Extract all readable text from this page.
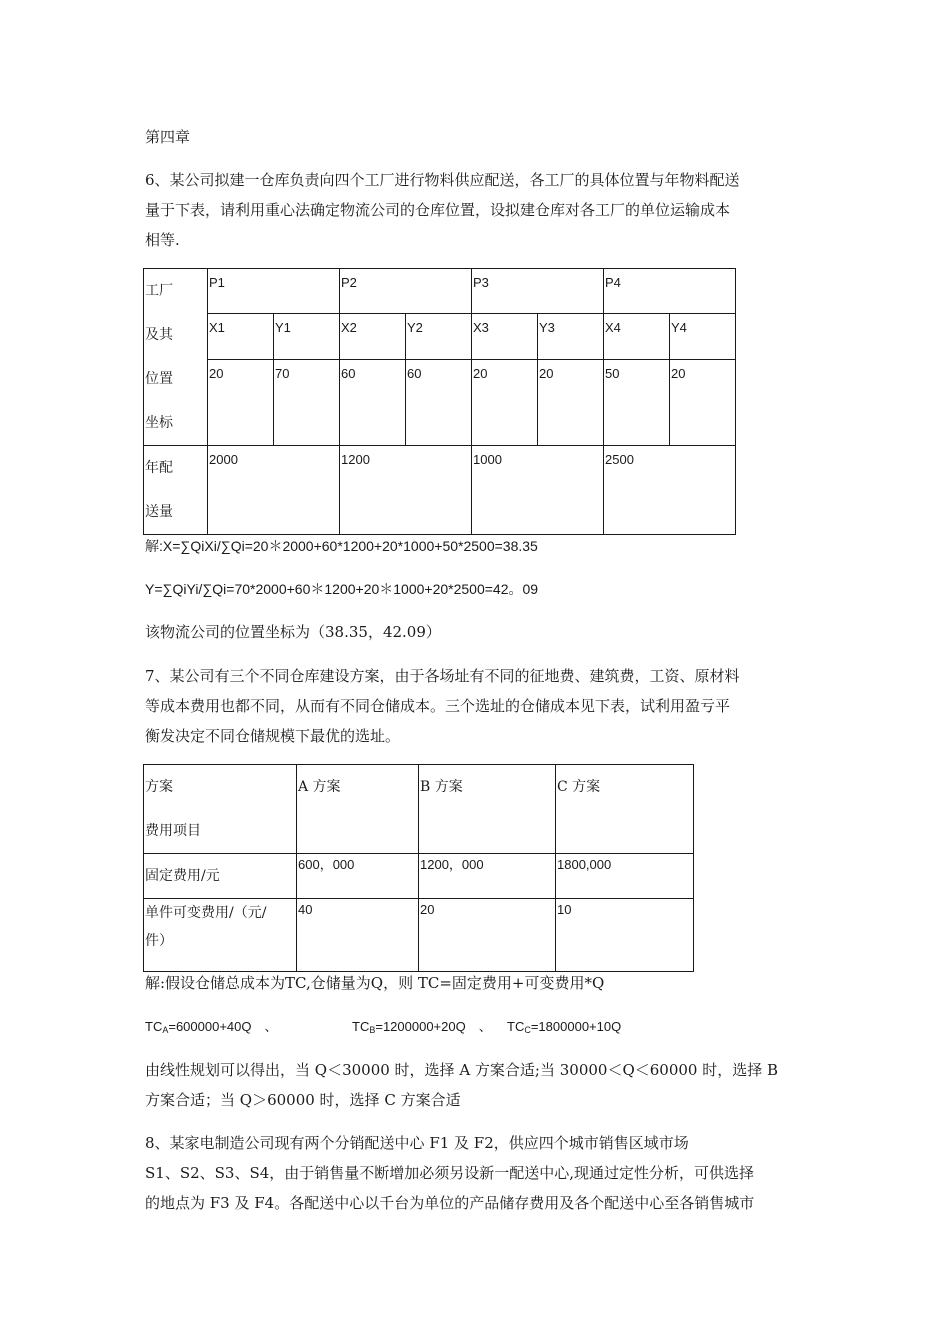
第四章

6、某公司拟建一仓库负责向四个工厂进行物料供应配送，各工厂的具体位置与年物料配送
量于下表，请利用重心法确定物流公司的仓库位置，设拟建仓库对各工厂的单位运输成本
相等.

工厂
及其
位置
坐标	P1		P2		P3		P4	
	X1	Y1	X2	Y2	X3	Y3	X4	Y4
	20	70	60	60	20	20	50	20

年配
送量	2000		1200		1000		2500	

解:X=∑QiXi/∑Qi=20＊2000+60*1200+20*1000+50*2500=38.35

Y=∑QiYi/∑Qi=70*2000+60＊1200+20＊1000+20*2500=42。09

该物流公司的位置坐标为（38.35，42.09）

7、某公司有三个不同仓库建设方案，由于各场址有不同的征地费、建筑费，工资、原材料
等成本费用也都不同，从而有不同仓储成本。三个选址的仓储成本见下表，试利用盈亏平
衡发决定不同仓储规模下最优的选址。

方案
费用项目	A 方案	B 方案	C 方案
固定费用/元	600，000	1200，000	1800,000

单件可变费用/（元/
件）	40	20	10

解:假设仓储总成本为TC,仓储量为Q，则 TC=固定费用+可变费用*Q

$TC_A=600000+40Q$　、	$TC_B=1200000+20Q$　、 $TC_C=1800000+10Q$

由线性规划可以得出，当 Q＜30000 时，选择 A 方案合适;当 30000＜Q＜60000 时，选择 B
方案合适；当 Q＞60000 时，选择 C 方案合适

8、某家电制造公司现有两个分销配送中心 F1 及 F2，供应四个城市销售区域市场
S1、S2、S3、S4，由于销售量不断增加必须另设新一配送中心,现通过定性分析，可供选择
的地点为 F3 及 F4。各配送中心以千台为单位的产品储存费用及各个配送中心至各销售城市
